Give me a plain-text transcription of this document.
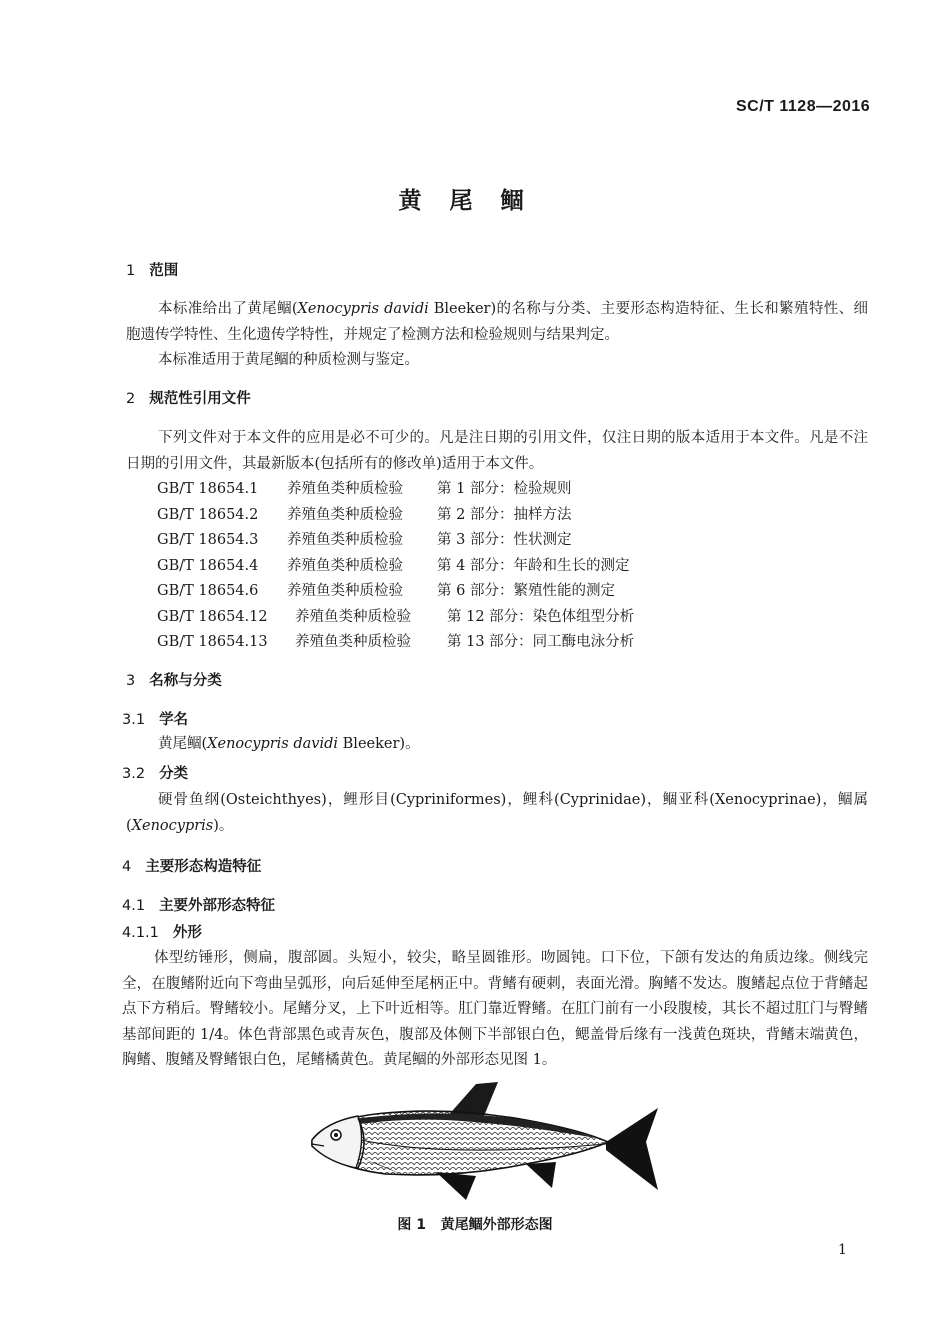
SC/T 1128—2016
黄尾鲴
1 范围

本标准给出了黄尾鲴(Xenocypris davidi Bleeker)的名称与分类、主要形态构造特征、生长和繁殖特性、细胞遗传学特性、生化遗传学特性，并规定了检测方法和检验规则与结果判定。

本标准适用于黄尾鲴的种质检测与鉴定。

2 规范性引用文件

下列文件对于本文件的应用是必不可少的。凡是注日期的引用文件，仅注日期的版本适用于本文件。凡是不注日期的引用文件，其最新版本(包括所有的修改单)适用于本文件。

GB/T 18654.1 养殖鱼类种质检验 第 1 部分：检验规则
GB/T 18654.2 养殖鱼类种质检验 第 2 部分：抽样方法
GB/T 18654.3 养殖鱼类种质检验 第 3 部分：性状测定
GB/T 18654.4 养殖鱼类种质检验 第 4 部分：年龄和生长的测定
GB/T 18654.6 养殖鱼类种质检验 第 6 部分：繁殖性能的测定
GB/T 18654.12 养殖鱼类种质检验 第 12 部分：染色体组型分析
GB/T 18654.13 养殖鱼类种质检验 第 13 部分：同工酶电泳分析
3 名称与分类
3.1 学名

黄尾鲴(Xenocypris davidi Bleeker)。

3.2 分类

硬骨鱼纲(Osteichthyes)，鲤形目(Cypriniformes)，鲤科(Cyprinidae)，鲴亚科(Xenocyprinae)，鲴属(Xenocypris)。

4 主要形态构造特征
4.1 主要外部形态特征
4.1.1 外形

体型纺锤形，侧扁，腹部圆。头短小，较尖，略呈圆锥形。吻圆钝。口下位，下颌有发达的角质边缘。侧线完全，在腹鳍附近向下弯曲呈弧形，向后延伸至尾柄正中。背鳍有硬刺，表面光滑。胸鳍不发达。腹鳍起点位于背鳍起点下方稍后。臀鳍较小。尾鳍分叉，上下叶近相等。肛门靠近臀鳍。在肛门前有一小段腹棱，其长不超过肛门与臀鳍基部间距的 1/4。体色背部黑色或青灰色，腹部及体侧下半部银白色，鳃盖骨后缘有一浅黄色斑块，背鳍末端黄色，胸鳍、腹鳍及臀鳍银白色，尾鳍橘黄色。黄尾鲴的外部形态见图 1。

图 1 黄尾鲴外部形态图
1
